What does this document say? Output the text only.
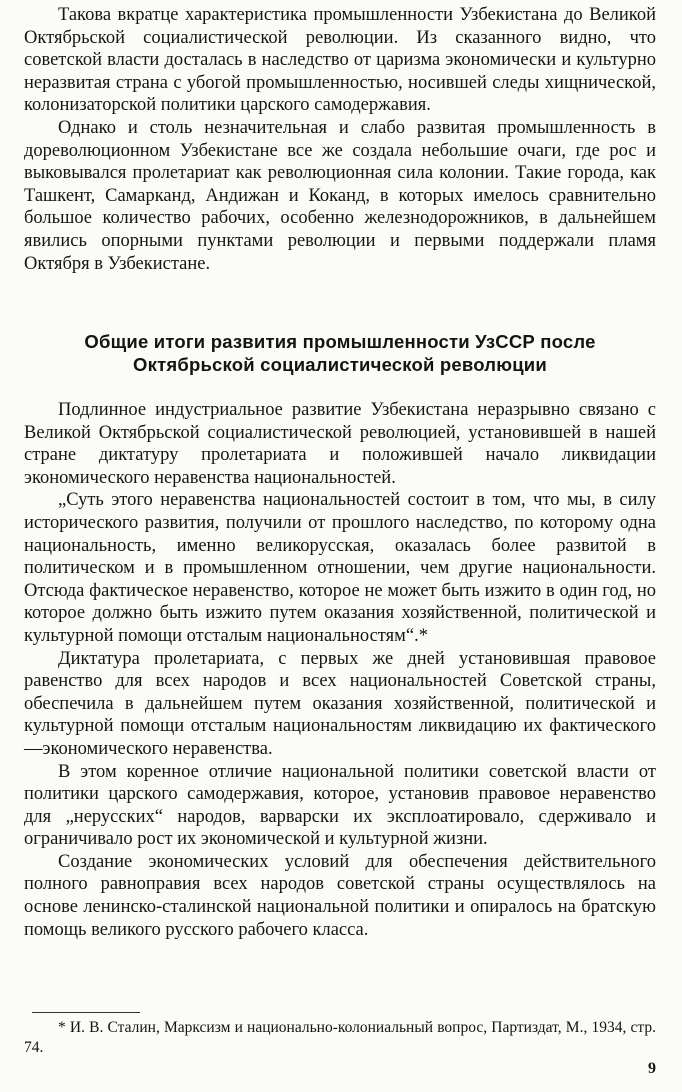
Такова вкратце характеристика промышленности Узбекистана до Великой Октябрьской социалистической революции. Из сказанного видно, что советской власти досталась в наследство от царизма экономически и культурно неразвитая страна с убогой промышленностью, носившей следы хищнической, колонизаторской политики царского самодержавия.

Однако и столь незначительная и слабо развитая промышленность в дореволюционном Узбекистане все же создала небольшие очаги, где рос и выковывался пролетариат как революционная сила колонии. Такие города, как Ташкент, Самарканд, Андижан и Коканд, в которых имелось сравнительно большое количество рабочих, особенно железнодорожников, в дальнейшем явились опорными пунктами революции и первыми поддержали пламя Октября в Узбекистане.

Общие итоги развития промышленности УзССР после
Октябрьской социалистической революции

Подлинное индустриальное развитие Узбекистана неразрывно связано с Великой Октябрьской социалистической революцией, установившей в нашей стране диктатуру пролетариата и положившей начало ликвидации экономического неравенства национальностей.

„Суть этого неравенства национальностей состоит в том, что мы, в силу исторического развития, получили от прошлого наследство, по которому одна национальность, именно великорусская, оказалась более развитой в политическом и в промышленном отношении, чем другие национальности. Отсюда фактическое неравенство, которое не может быть изжито в один год, но которое должно быть изжито путем оказания хозяйственной, политической и культурной помощи отсталым национальностям“.*

Диктатура пролетариата, с первых же дней установившая правовое равенство для всех народов и всех национальностей Советской страны, обеспечила в дальнейшем путем оказания хозяйственной, политической и культурной помощи отсталым национальностям ликвидацию их фактического—экономического неравенства.

В этом коренное отличие национальной политики советской власти от политики царского самодержавия, которое, установив правовое неравенство для „нерусских“ народов, варварски их эксплоатировало, сдерживало и ограничивало рост их экономической и культурной жизни.

Создание экономических условий для обеспечения действительного полного равноправия всех народов советской страны осуществлялось на основе ленинско-сталинской национальной политики и опиралось на братскую помощь великого русского рабочего класса.

* И. В. Сталин, Марксизм и национально-колониальный вопрос, Партиздат, М., 1934, стр. 74.

9
